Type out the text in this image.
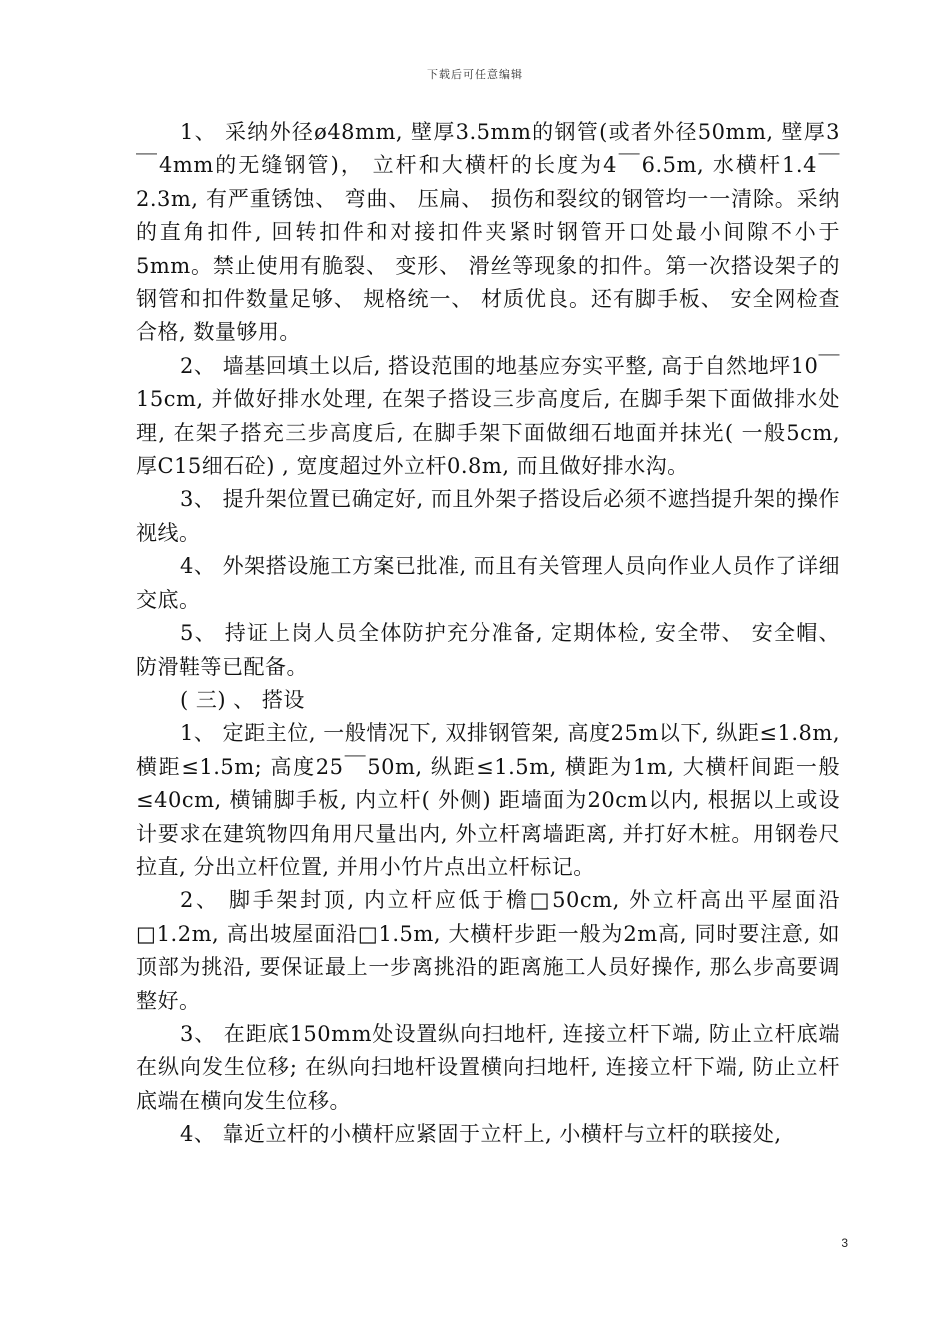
下载后可任意编辑

1、 采纳外径ø48mm, 壁厚3.5mm的钢管(或者外径50mm, 壁厚3￣4mm的无缝钢管)， 立杆和大横杆的长度为4￣6.5m, 水横杆1.4￣2.3m, 有严重锈蚀、 弯曲、 压扁、 损伤和裂纹的钢管均一一清除。采纳的直角扣件, 回转扣件和对接扣件夹紧时钢管开口处最小间隙不小于5mm。禁止使用有脆裂、 变形、 滑丝等现象的扣件。第一次搭设架子的钢管和扣件数量足够、 规格统一、 材质优良。还有脚手板、 安全网检查合格, 数量够用。

2、 墙基回填土以后, 搭设范围的地基应夯实平整, 高于自然地坪10￣15cm, 并做好排水处理, 在架子搭设三步高度后, 在脚手架下面做排水处理, 在架子搭充三步高度后, 在脚手架下面做细石地面并抹光( 一般5cm, 厚C15细石砼) , 宽度超过外立杆0.8m, 而且做好排水沟。

3、 提升架位置已确定好, 而且外架子搭设后必须不遮挡提升架的操作视线。

4、 外架搭设施工方案已批准, 而且有关管理人员向作业人员作了详细交底。

5、 持证上岗人员全体防护充分准备, 定期体检, 安全带、 安全帽、 防滑鞋等已配备。

( 三) 、 搭设

1、 定距主位, 一般情况下, 双排钢管架, 高度25m以下, 纵距≤1.8m, 横距≤1.5m; 高度25￣50m, 纵距≤1.5m, 横距为1m, 大横杆间距一般≤40cm, 横铺脚手板, 内立杆( 外侧) 距墙面为20cm以内, 根据以上或设计要求在建筑物四角用尺量出内, 外立杆离墙距离, 并打好木桩。用钢卷尺拉直, 分出立杆位置, 并用小竹片点出立杆标记。

2、 脚手架封顶, 内立杆应低于檐□50cm, 外立杆高出平屋面沿□1.2m, 高出坡屋面沿□1.5m, 大横杆步距一般为2m高, 同时要注意, 如顶部为挑沿, 要保证最上一步离挑沿的距离施工人员好操作, 那么步高要调整好。

3、 在距底150mm处设置纵向扫地杆, 连接立杆下端, 防止立杆底端在纵向发生位移; 在纵向扫地杆设置横向扫地杆, 连接立杆下端, 防止立杆底端在横向发生位移。

4、 靠近立杆的小横杆应紧固于立杆上, 小横杆与立杆的联接处,

3
